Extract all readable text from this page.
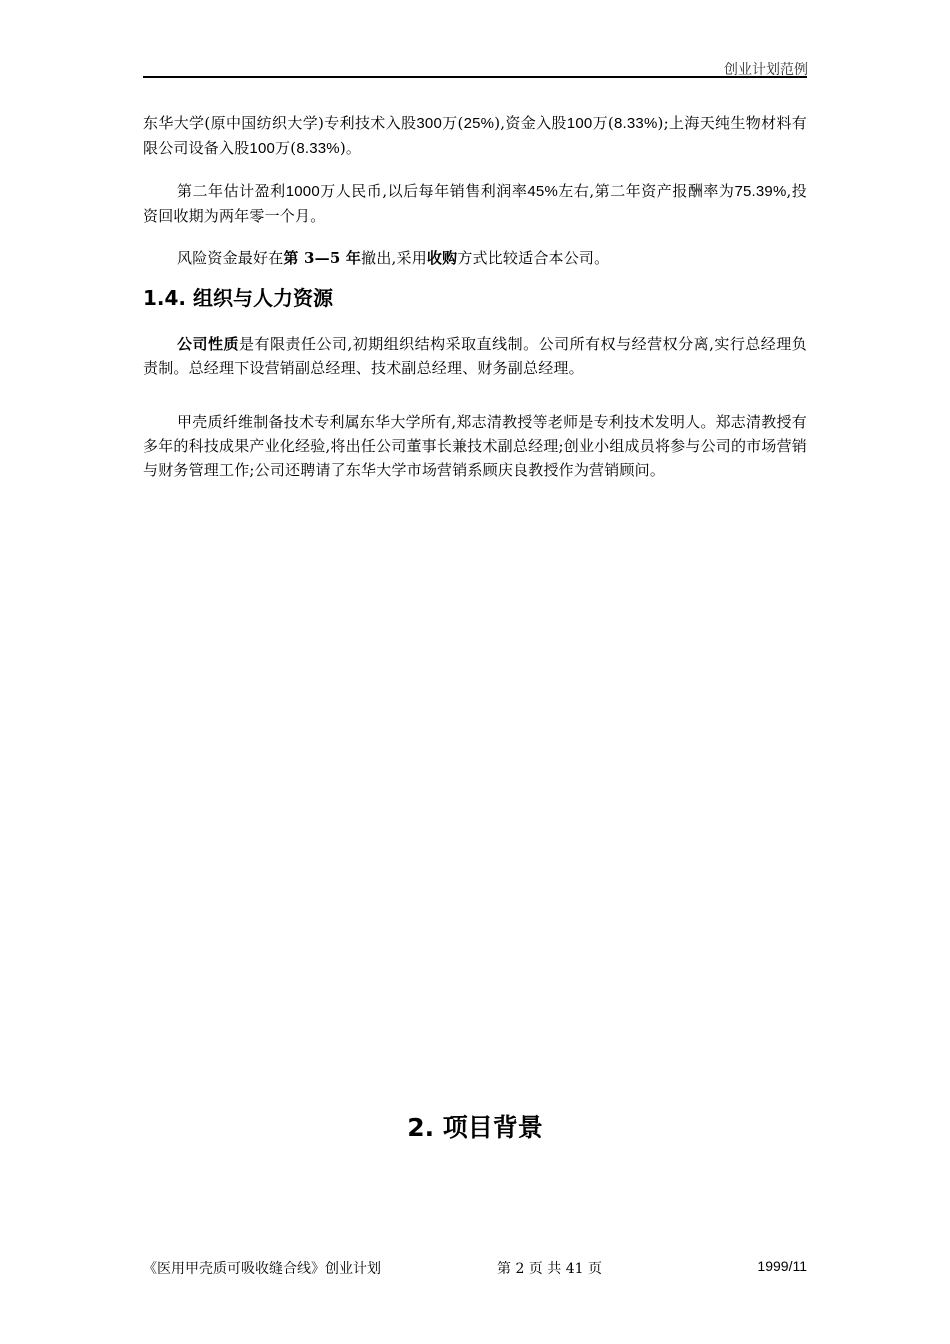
创业计划范例

东华大学(原中国纺织大学)专利技术入股300万(25%),资金入股100万(8.33%);上海天纯生物材料有限公司设备入股100万(8.33%)。

第二年估计盈利1000万人民币,以后每年销售利润率45%左右,第二年资产报酬率为75.39%,投资回收期为两年零一个月。

风险资金最好在第 3—5 年撤出,采用收购方式比较适合本公司。

1.4. 组织与人力资源

公司性质是有限责任公司,初期组织结构采取直线制。公司所有权与经营权分离,实行总经理负责制。总经理下设营销副总经理、技术副总经理、财务副总经理。

甲壳质纤维制备技术专利属东华大学所有,郑志清教授等老师是专利技术发明人。郑志清教授有多年的科技成果产业化经验,将出任公司董事长兼技术副总经理;创业小组成员将参与公司的市场营销与财务管理工作;公司还聘请了东华大学市场营销系顾庆良教授作为营销顾问。

2. 项目背景
《医用甲壳质可吸收缝合线》创业计划	第 2 页 共 41 页	1999/11
